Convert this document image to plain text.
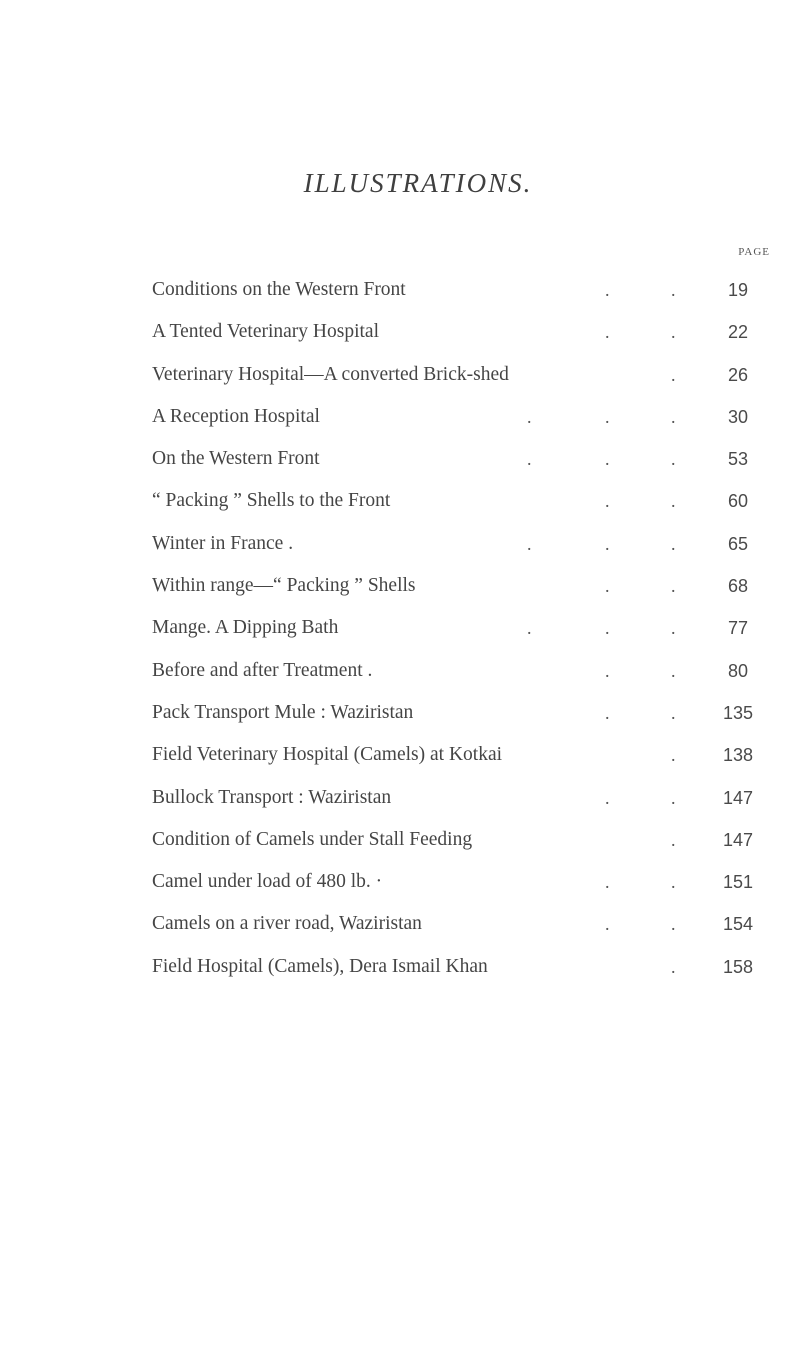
ILLUSTRATIONS.
PAGE
Conditions on the Western Front	.	.	19
A Tented Veterinary Hospital	.	.	22
Veterinary Hospital—A converted Brick-shed	.	26
A Reception Hospital	.	.	.	30
On the Western Front	.	.	.	53
“ Packing ” Shells to the Front	.	.	60
Winter in France .	.	.	.	65
Within range—“ Packing ” Shells	.	.	68
Mange. A Dipping Bath	.	.	.	77
Before and after Treatment .	.	.	80
Pack Transport Mule : Waziristan	.	.	135
Field Veterinary Hospital (Camels) at Kotkai	.	138
Bullock Transport : Waziristan	.	.	147
Condition of Camels under Stall Feeding	.	147
Camel under load of 480 lb. ·	.	.	151
Camels on a river road, Waziristan	.	.	154
Field Hospital (Camels), Dera Ismail Khan	.	158
